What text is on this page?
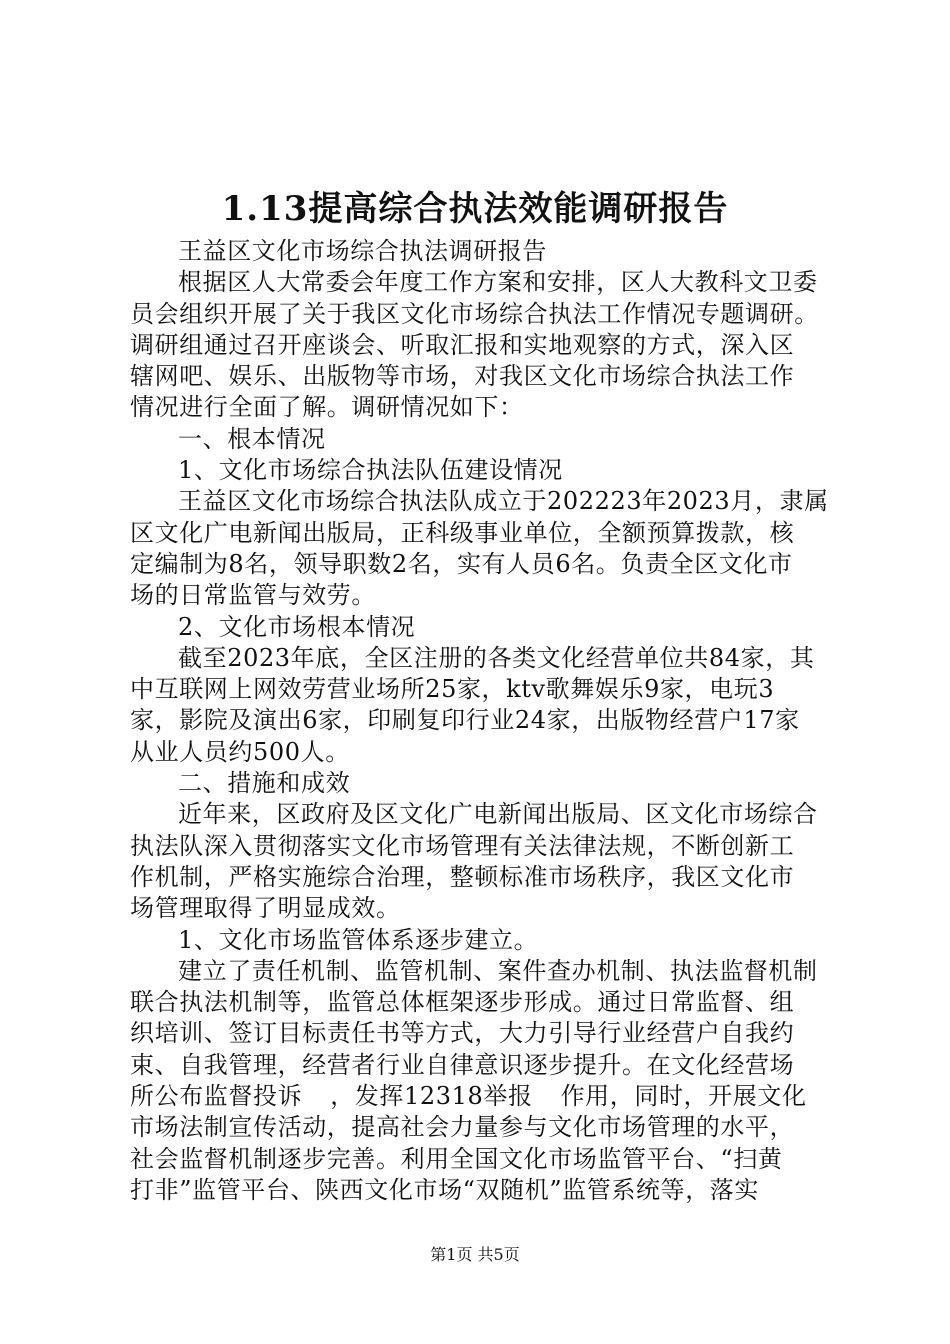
1.13提高综合执法效能调研报告
王益区文化市场综合执法调研报告
根据区人大常委会年度工作方案和安排，区人大教科文卫委
员会组织开展了关于我区文化市场综合执法工作情况专题调研。
调研组通过召开座谈会、听取汇报和实地观察的方式，深入区
辖网吧、娱乐、出版物等市场，对我区文化市场综合执法工作
情况进行全面了解。调研情况如下：
一、根本情况
1、文化市场综合执法队伍建设情况
王益区文化市场综合执法队成立于202223年2023月，隶属
区文化广电新闻出版局，正科级事业单位，全额预算拨款，核
定编制为8名，领导职数2名，实有人员6名。负责全区文化市
场的日常监管与效劳。
2、文化市场根本情况
截至2023年底，全区注册的各类文化经营单位共84家，其
中互联网上网效劳营业场所25家，ktv歌舞娱乐9家，电玩3
家，影院及演出6家，印刷复印行业24家，出版物经营户17家
从业人员约500人。
二、措施和成效
近年来，区政府及区文化广电新闻出版局、区文化市场综合
执法队深入贯彻落实文化市场管理有关法律法规，不断创新工
作机制，严格实施综合治理，整顿标准市场秩序，我区文化市
场管理取得了明显成效。
1、文化市场监管体系逐步建立。
建立了责任机制、监管机制、案件查办机制、执法监督机制
联合执法机制等，监管总体框架逐步形成。通过日常监督、组
织培训、签订目标责任书等方式，大力引导行业经营户自我约
束、自我管理，经营者行业自律意识逐步提升。在文化经营场
所公布监督投诉 ，发挥12318举报 作用，同时，开展文化
市场法制宣传活动，提高社会力量参与文化市场管理的水平，
社会监督机制逐步完善。利用全国文化市场监管平台、“扫黄
打非”监管平台、陕西文化市场“双随机”监管系统等，落实
第1页 共5页
